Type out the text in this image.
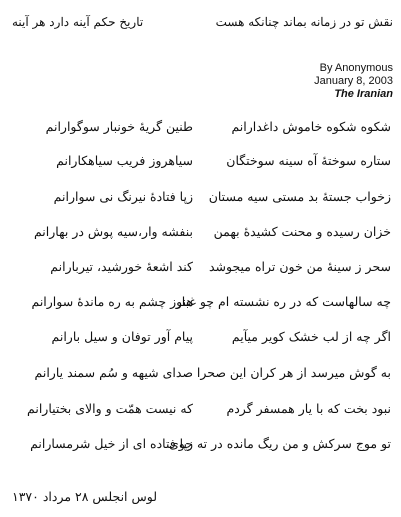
نقش تو در زمانه بماند چنانکه هست
تاریخ حکم آینه دارد هر آینه
By Anonymous
January 8, 2003
The Iranian
شکوه شکوه خاموش داغدارانم
طنین گریهٔ خونبار سوگوارانم
ستاره سوختهٔ آه سینه سوختگان
سیاهروز فریب سیاهکارانم
زخواب جستهٔ بد مستی سیه مستان
زپا فتادهٔ نیرنگ نی سوارانم
خزان رسیده و محنت کشیدهٔ بهمن
بنفشه وار،سیه پوش در بهارانم
سحر ز سینهٔ من خون تراه میجوشد
کند اشعهٔ خورشید، تیربارانم
چه سالهاست که در ره نشسته ام چو غبار
هنوز چشم به ره ماندهٔ سوارانم
اگر چه از لب خشک کویر میآیم
پیام آور توفان و سیل بارانم
به گوش میرسد از هر کران این صحرا
صدای شیهه و سُم سمند یارانم
نبود بخت که با یار همسفر گردم
که نیست همّت و والای بختیارانم
تو موج سرکش و من ریگ مانده در ته جوی
زپا فتاده ای از خیل شرمسارانم
لوس انجلس ۲۸ مرداد ۱۳۷۰
